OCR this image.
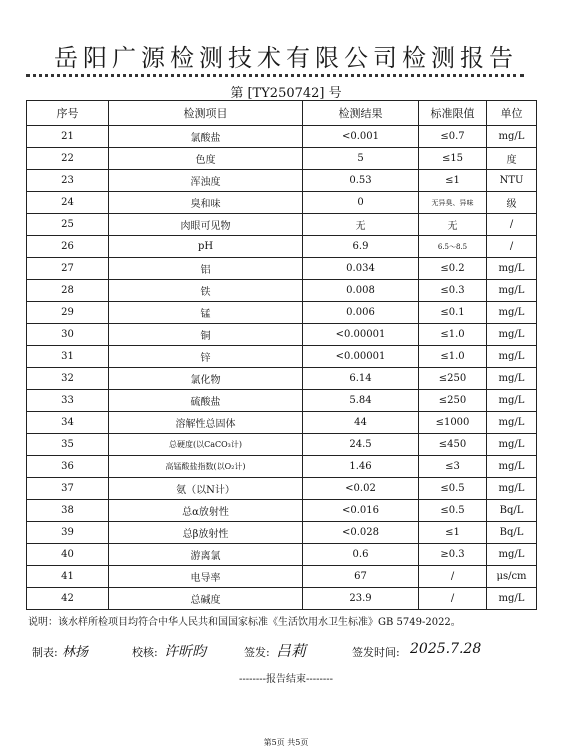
岳阳广源检测技术有限公司检测报告
第 [TY250742] 号
序号	检测项目	检测结果	标准限值	单位
21	氯酸盐	<0.001	≤0.7	mg/L
22	色度	5	≤15	度
23	浑浊度	0.53	≤1	NTU
24	臭和味	0	无异臭、异味	级
25	肉眼可见物	无	无	/
26	pH	6.9	6.5～8.5	/
27	铝	0.034	≤0.2	mg/L
28	铁	0.008	≤0.3	mg/L
29	锰	0.006	≤0.1	mg/L
30	铜	<0.00001	≤1.0	mg/L
31	锌	<0.00001	≤1.0	mg/L
32	氯化物	6.14	≤250	mg/L
33	硫酸盐	5.84	≤250	mg/L
34	溶解性总固体	44	≤1000	mg/L
35	总硬度(以CaCO₃计)	24.5	≤450	mg/L
36	高锰酸盐指数(以O₂计)	1.46	≤3	mg/L
37	氨（以N计）	<0.02	≤0.5	mg/L
38	总α放射性	<0.016	≤0.5	Bq/L
39	总β放射性	<0.028	≤1	Bq/L
40	游离氯	0.6	≥0.3	mg/L
41	电导率	67	/	μs/cm
42	总碱度	23.9	/	mg/L
说明：该水样所检项目均符合中华人民共和国国家标准《生活饮用水卫生标准》GB 5749-2022。
制表: 林扬	校核: 许昕昀	签发: 吕莉	签发时间: 2025.7.28
--------报告结束--------
第5页 共5页
